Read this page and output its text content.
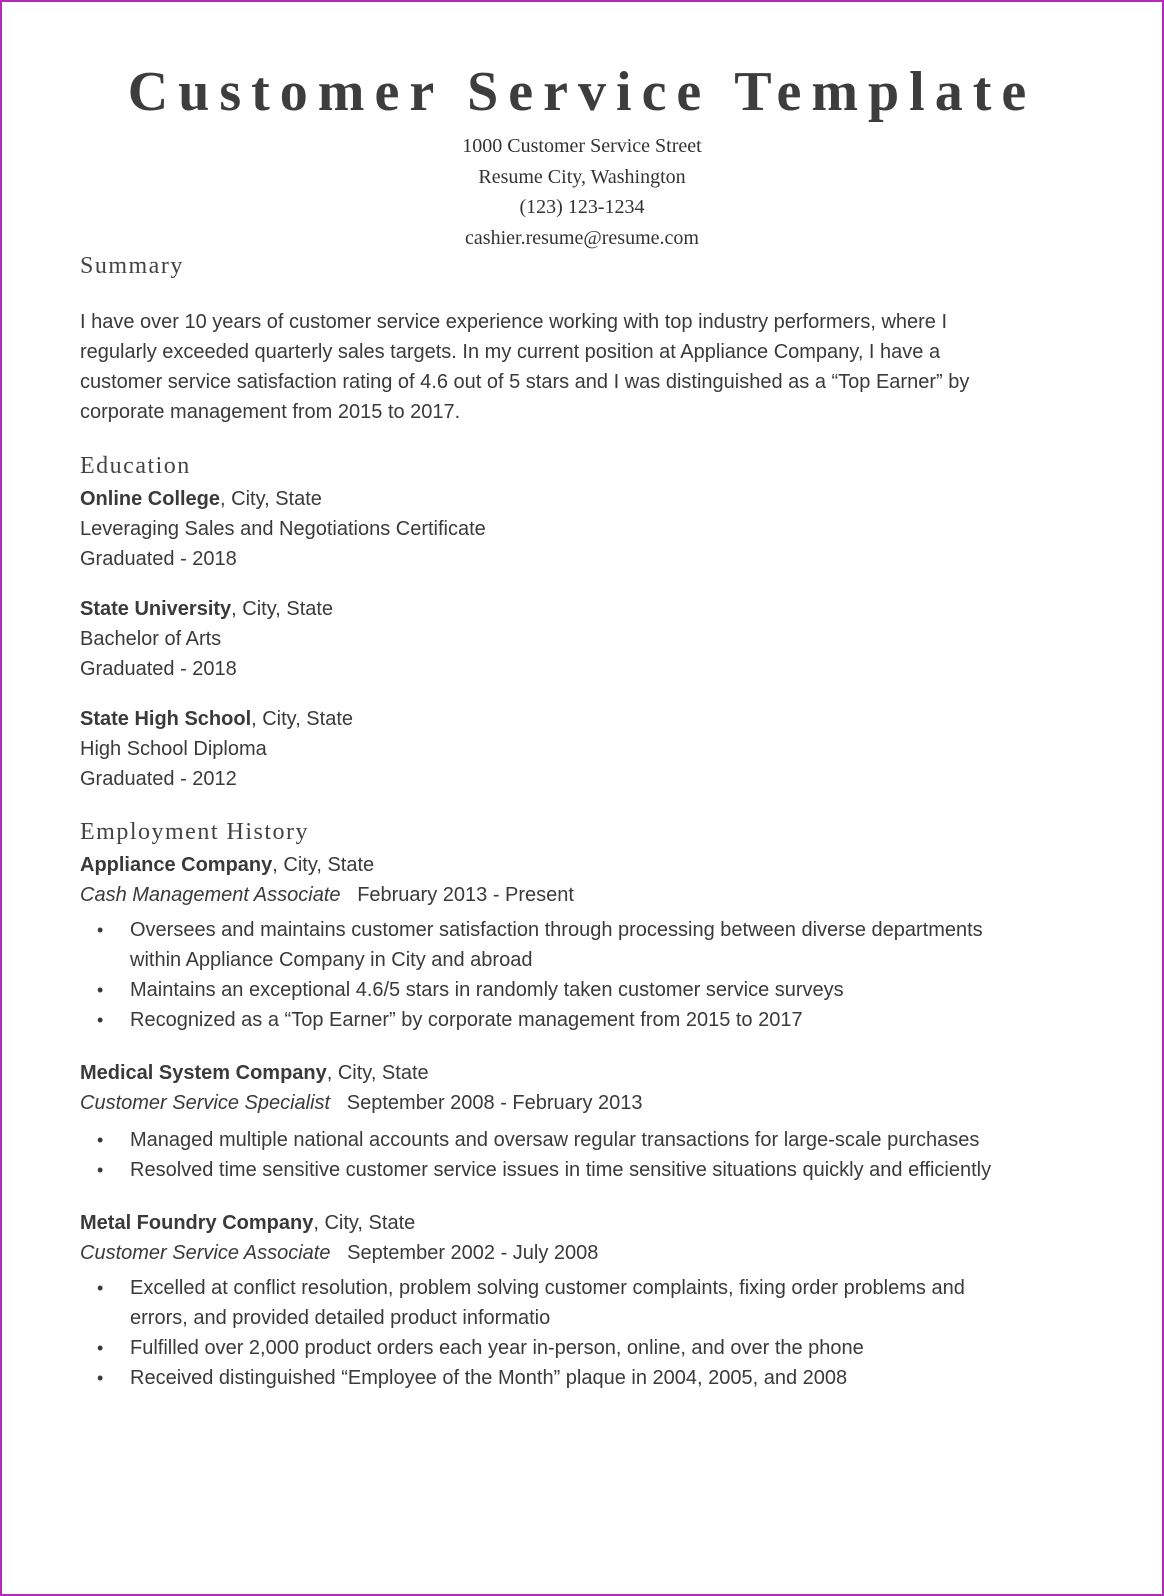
Customer Service Template
1000 Customer Service Street
Resume City, Washington
(123) 123-1234
cashier.resume@resume.com
Summary
I have over 10 years of customer service experience working with top industry performers, where I
regularly exceeded quarterly sales targets. In my current position at Appliance Company, I have a
customer service satisfaction rating of 4.6 out of 5 stars and I was distinguished as a “Top Earner” by
corporate management from 2015 to 2017.
Education
Online College, City, State
Leveraging Sales and Negotiations Certificate
Graduated - 2018
State University, City, State
Bachelor of Arts
Graduated - 2018
State High School, City, State
High School Diploma
Graduated - 2012
Employment History
Appliance Company, City, State
Cash Management Associate February 2013 - Present
• Oversees and maintains customer satisfaction through processing between diverse departments
within Appliance Company in City and abroad
• Maintains an exceptional 4.6/5 stars in randomly taken customer service surveys
• Recognized as a “Top Earner” by corporate management from 2015 to 2017
Medical System Company, City, State
Customer Service Specialist September 2008 - February 2013
• Managed multiple national accounts and oversaw regular transactions for large-scale purchases
• Resolved time sensitive customer service issues in time sensitive situations quickly and efficiently
Metal Foundry Company, City, State
Customer Service Associate September 2002 - July 2008
• Excelled at conflict resolution, problem solving customer complaints, fixing order problems and
errors, and provided detailed product informatio
• Fulfilled over 2,000 product orders each year in-person, online, and over the phone
• Received distinguished “Employee of the Month” plaque in 2004, 2005, and 2008
